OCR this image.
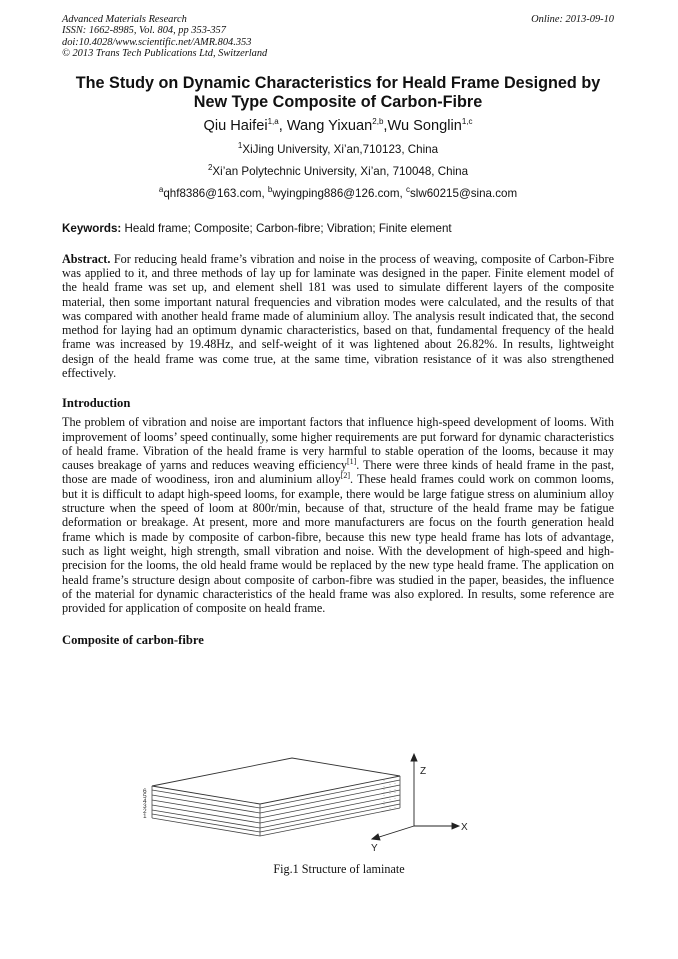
Advanced Materials Research
ISSN: 1662-8985, Vol. 804, pp 353-357
doi:10.4028/www.scientific.net/AMR.804.353
© 2013 Trans Tech Publications Ltd, Switzerland
Online: 2013-09-10
The Study on Dynamic Characteristics for Heald Frame Designed by New Type Composite of Carbon-Fibre
Qiu Haifei$^{1,a}$, Wang Yixuan$^{2,b}$,Wu Songlin$^{1,c}$
$^1$XiJing University, Xi’an,710123, China
$^2$Xi’an Polytechnic University, Xi’an, 710048, China
$^a$qhf8386@163.com, $^b$wyingping886@126.com, $^c$slw60215@sina.com
Keywords: Heald frame; Composite; Carbon-fibre; Vibration; Finite element
Abstract. For reducing heald frame’s vibration and noise in the process of weaving, composite of Carbon-Fibre was applied to it, and three methods of lay up for laminate was designed in the paper. Finite element model of the heald frame was set up, and element shell 181 was used to simulate different layers of the composite material, then some important natural frequencies and vibration modes were calculated, and the results of that was compared with another heald frame made of aluminium alloy. The analysis result indicated that, the second method for laying had an optimum dynamic characteristics, based on that, fundamental frequency of the heald frame was increased by 19.48Hz, and self-weight of it was lightened about 26.82%. In results, lightweight design of the heald frame was come true, at the same time, vibration resistance of it was also strengthened effectively.
Introduction
The problem of vibration and noise are important factors that influence high-speed development of looms. With improvement of looms’ speed continually, some higher requirements are put forward for dynamic characteristics of heald frame. Vibration of the heald frame is very harmful to stable operation of the looms, because it may causes breakage of yarns and reduces weaving efficiency[1]. There were three kinds of heald frame in the past, those are made of woodiness, iron and aluminium alloy[2]. These heald frames could work on common looms, but it is difficult to adapt high-speed looms, for example, there would be large fatigue stress on aluminium alloy structure when the speed of loom at 800r/min, because of that, structure of the heald frame may be fatigue deformation or breakage. At present, more and more manufacturers are focus on the fourth generation heald frame which is made by composite of carbon-fibre, because this new type heald frame has lots of advantage, such as light weight, high strength, small vibration and noise. With the development of high-speed and high-precision for the looms, the old heald frame would be replaced by the new type heald frame. The application on heald frame’s structure design about composite of carbon-fibre was studied in the paper, beasides, the influence of the material for dynamic characteristics of the heald frame was also explored. In results, some reference are provided for application of composite on heald frame.
Composite of carbon-fibre
6
5
4
3
2
1
Z
X
Y
Fig.1 Structure of laminate
